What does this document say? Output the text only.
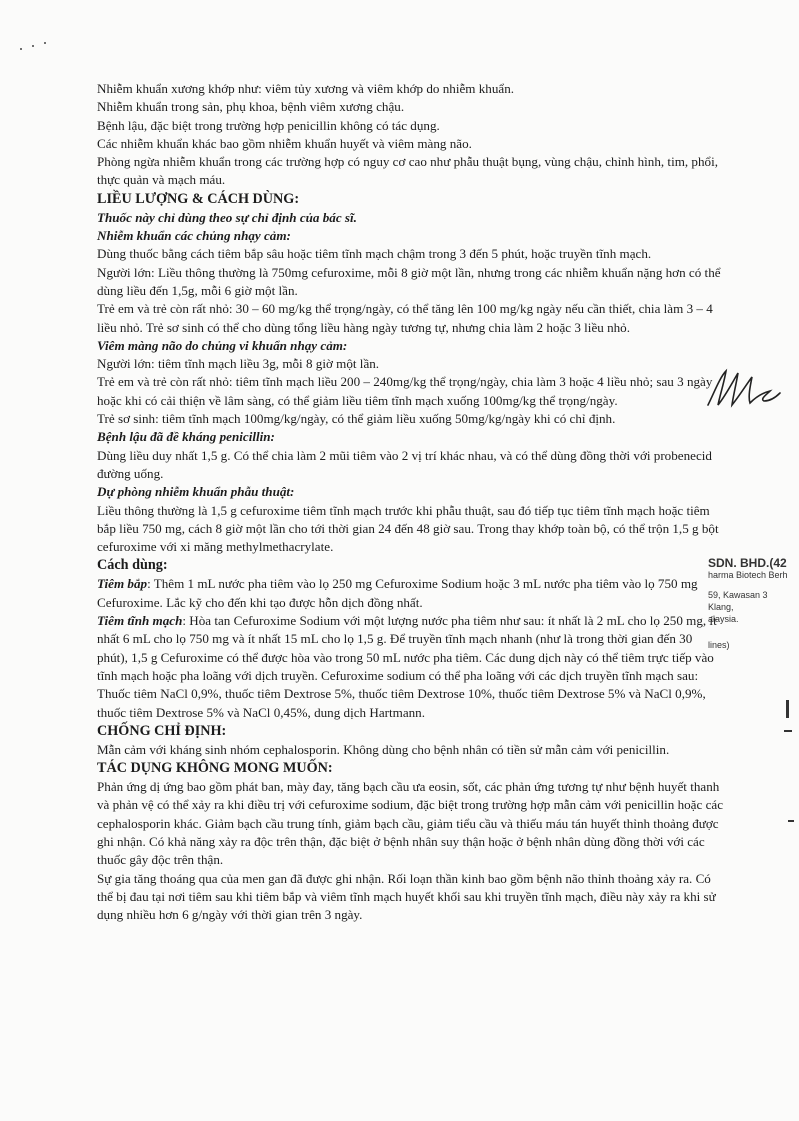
Nhiễm khuẩn xương khớp như: viêm tủy xương và viêm khớp do nhiễm khuẩn.

Nhiễm khuẩn trong sản, phụ khoa, bệnh viêm xương chậu.

Bệnh lậu, đặc biệt trong trường hợp penicillin không có tác dụng.

Các nhiễm khuẩn khác bao gồm nhiễm khuẩn huyết và viêm màng não.

Phòng ngừa nhiễm khuẩn trong các trường hợp có nguy cơ cao như phẫu thuật bụng, vùng chậu, chỉnh hình, tim, phổi, thực quản và mạch máu.

LIỀU LƯỢNG & CÁCH DÙNG:

Thuốc này chỉ dùng theo sự chỉ định của bác sĩ.

Nhiễm khuẩn các chủng nhạy cảm:

Dùng thuốc bằng cách tiêm bắp sâu hoặc tiêm tĩnh mạch chậm trong 3 đến 5 phút, hoặc truyền tĩnh mạch.

Người lớn: Liều thông thường là 750mg cefuroxime, mỗi 8 giờ một lần, nhưng trong các nhiễm khuẩn nặng hơn có thể dùng liều đến 1,5g, mỗi 6 giờ một lần.

Trẻ em và trẻ còn rất nhỏ: 30 – 60 mg/kg thể trọng/ngày, có thể tăng lên 100 mg/kg ngày nếu cần thiết, chia làm 3 – 4 liều nhỏ. Trẻ sơ sinh có thể cho dùng tổng liều hàng ngày tương tự, nhưng chia làm 2 hoặc 3 liều nhỏ.

Viêm màng não do chủng vi khuẩn nhạy cảm:

Người lớn: tiêm tĩnh mạch liều 3g, mỗi 8 giờ một lần.

Trẻ em và trẻ còn rất nhỏ: tiêm tĩnh mạch liều 200 – 240mg/kg thể trọng/ngày, chia làm 3 hoặc 4 liều nhỏ; sau 3 ngày hoặc khi có cải thiện về lâm sàng, có thể giảm liều tiêm tĩnh mạch xuống 100mg/kg thể trọng/ngày.

Trẻ sơ sinh: tiêm tĩnh mạch 100mg/kg/ngày, có thể giảm liều xuống 50mg/kg/ngày khi có chỉ định.

Bệnh lậu đã đề kháng penicillin:

Dùng liều duy nhất 1,5 g. Có thể chia làm 2 mũi tiêm vào 2 vị trí khác nhau, và có thể dùng đồng thời với probenecid đường uống.

Dự phòng nhiễm khuẩn phẫu thuật:

Liều thông thường là 1,5 g cefuroxime tiêm tĩnh mạch trước khi phẫu thuật, sau đó tiếp tục tiêm tĩnh mạch hoặc tiêm bắp liều 750 mg, cách 8 giờ một lần cho tới thời gian 24 đến 48 giờ sau. Trong thay khớp toàn bộ, có thể trộn 1,5 g bột cefuroxime với xi măng methylmethacrylate.

Cách dùng:

Tiêm bắp: Thêm 1 mL nước pha tiêm vào lọ 250 mg Cefuroxime Sodium hoặc 3 mL nước pha tiêm vào lọ 750 mg Cefuroxime. Lắc kỹ cho đến khi tạo được hỗn dịch đồng nhất.

Tiêm tĩnh mạch: Hòa tan Cefuroxime Sodium với một lượng nước pha tiêm như sau: ít nhất là 2 mL cho lọ 250 mg, ít nhất 6 mL cho lọ 750 mg và ít nhất 15 mL cho lọ 1,5 g. Để truyền tĩnh mạch nhanh (như là trong thời gian đến 30 phút), 1,5 g Cefuroxime có thể được hòa vào trong 50 mL nước pha tiêm. Các dung dịch này có thể tiêm trực tiếp vào tĩnh mạch hoặc pha loãng với dịch truyền. Cefuroxime sodium có thể pha loãng với các dịch truyền tĩnh mạch sau: Thuốc tiêm NaCl 0,9%, thuốc tiêm Dextrose 5%, thuốc tiêm Dextrose 10%, thuốc tiêm Dextrose 5% và NaCl 0,9%, thuốc tiêm Dextrose 5% và NaCl 0,45%, dung dịch Hartmann.

CHỐNG CHỈ ĐỊNH:

Mẫn cảm với kháng sinh nhóm cephalosporin. Không dùng cho bệnh nhân có tiền sử mẫn cảm với penicillin.

TÁC DỤNG KHÔNG MONG MUỐN:

Phản ứng dị ứng bao gồm phát ban, mày đay, tăng bạch cầu ưa eosin, sốt, các phản ứng tương tự như bệnh huyết thanh và phản vệ có thể xảy ra khi điều trị với cefuroxime sodium, đặc biệt trong trường hợp mẫn cảm với penicillin hoặc các cephalosporin khác. Giảm bạch cầu trung tính, giảm bạch cầu, giảm tiểu cầu và thiếu máu tán huyết thỉnh thoảng được ghi nhận. Có khả năng xảy ra độc trên thận, đặc biệt ở bệnh nhân suy thận hoặc ở bệnh nhân dùng đồng thời với các thuốc gây độc trên thận.

Sự gia tăng thoáng qua của men gan đã được ghi nhận. Rối loạn thần kinh bao gồm bệnh não thỉnh thoảng xảy ra. Có thể bị đau tại nơi tiêm sau khi tiêm bắp và viêm tĩnh mạch huyết khối sau khi truyền tĩnh mạch, điều này xảy ra khi sử dụng nhiều hơn 6 g/ngày với thời gian trên 3 ngày.

SDN. BHD.(42
harma Biotech Berh
59, Kawasan 3
Klang,
alaysia.
lines)
